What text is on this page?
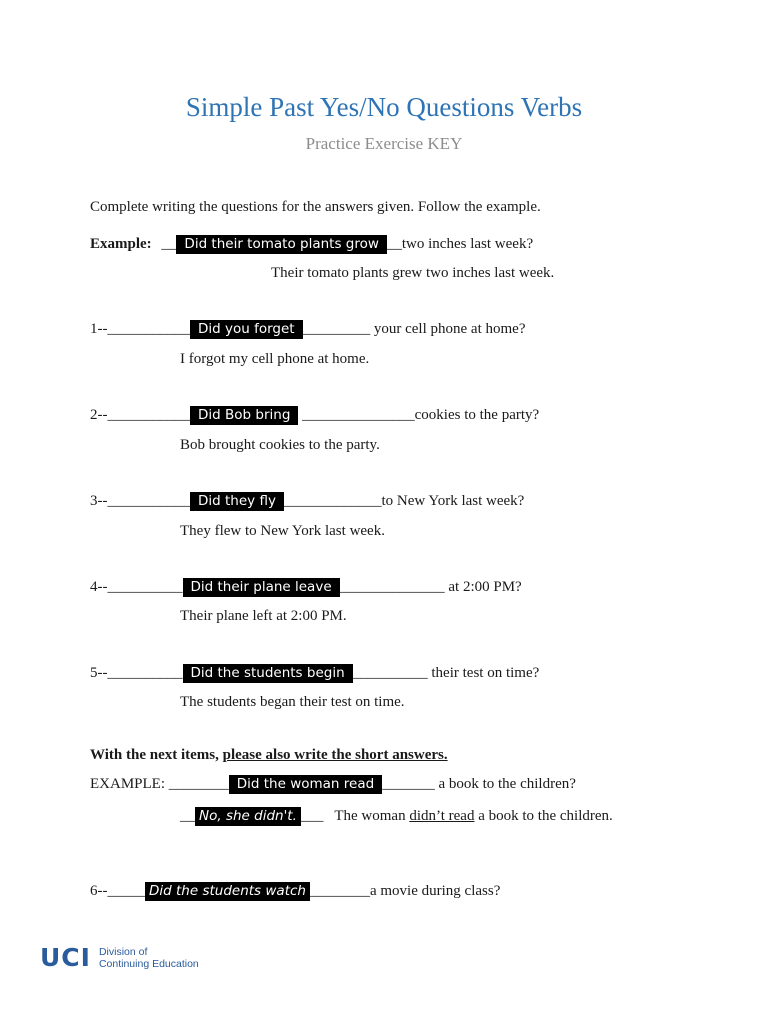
Simple Past Yes/No Questions Verbs
Practice Exercise KEY
Complete writing the questions for the answers given. Follow the example.
Example: __ Did their tomato plants grow __two inches last week?
Their tomato plants grew two inches last week.
1--___________ Did you forget _________ your cell phone at home?
I forgot my cell phone at home.
2--___________ Did Bob bring _______________cookies to the party?
Bob brought cookies to the party.
3--___________ Did they fly _____________to New York last week?
They flew to New York last week.
4--__________ Did their plane leave ______________ at 2:00 PM?
Their plane left at 2:00 PM.
5--__________ Did the students begin __________ their test on time?
The students began their test on time.
With the next items, please also write the short answers.
EXAMPLE: ________ Did the woman read _______ a book to the children?
__ No, she didn't. ___   The woman didn’t read a book to the children.
6--_____ Did the students watch ________a movie during class?
UCI Division of
Continuing Education
